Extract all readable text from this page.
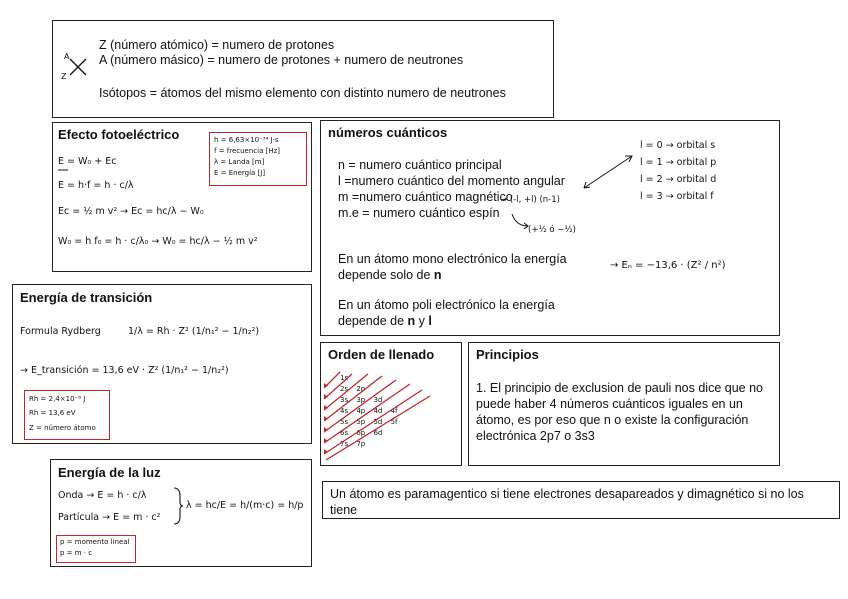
A
Z
Z (número atómico) = numero de protones
A (número másico) = numero de protones + numero de neutrones
Isótopos = átomos del mismo elemento con distinto numero de neutrones
Efecto fotoeléctrico
E = W₀ + Ec
E = h·f = h · c/λ
Ec = ½ m v² → Ec = hc/λ − W₀
W₀ = h f₀ = h · c/λ₀ → W₀ = hc/λ − ½ m v²
h = 6,63×10⁻³⁴ J·s
f = frecuencia [Hz]
λ = Landa [m]
E = Energía [J]
números cuánticos
n = numero cuántico principal
l =numero cuántico del momento angular
m =numero cuántico magnético
m.e = numero cuántico espín
→ (-l, +l) (n-1)
(+½ ó −½)
l = 0 → orbital s
l = 1 → orbital p
l = 2 → orbital d
l = 3 → orbital f
En un átomo mono electrónico la energía
depende solo de n
→ Eₙ = −13,6 · (Z² / n²)
En un átomo poli electrónico la energía
depende de n y l
Energía de transición
Formula Rydberg	1/λ = Rh · Z² (1/n₁² − 1/n₂²)
→ E_transición = 13,6 eV · Z² (1/n₁² − 1/n₂²)
Rh = 2,4×10⁻⁸ J
Rh = 13,6 eV
Z = número átomo
Orden de llenado
1s
2s 2p
3s 3p 3d
4s 4p 4d 4f
5s 5p 5d 5f
6s 6p 6d
7s 7p
Principios
1. El principio de exclusion de pauli nos dice que no
puede haber 4 números cuánticos iguales en un
átomo, es por eso que n o existe la configuración
electrónica 2p7 o 3s3
Energía de la luz
Onda → E = h · c/λ
Partícula → E = m · c²
λ = hc/E = h/(m·c) = h/p
p = momento lineal
p = m · c
Un átomo es paramagentico si tiene electrones desapareados y dimagnético si no los
tiene
